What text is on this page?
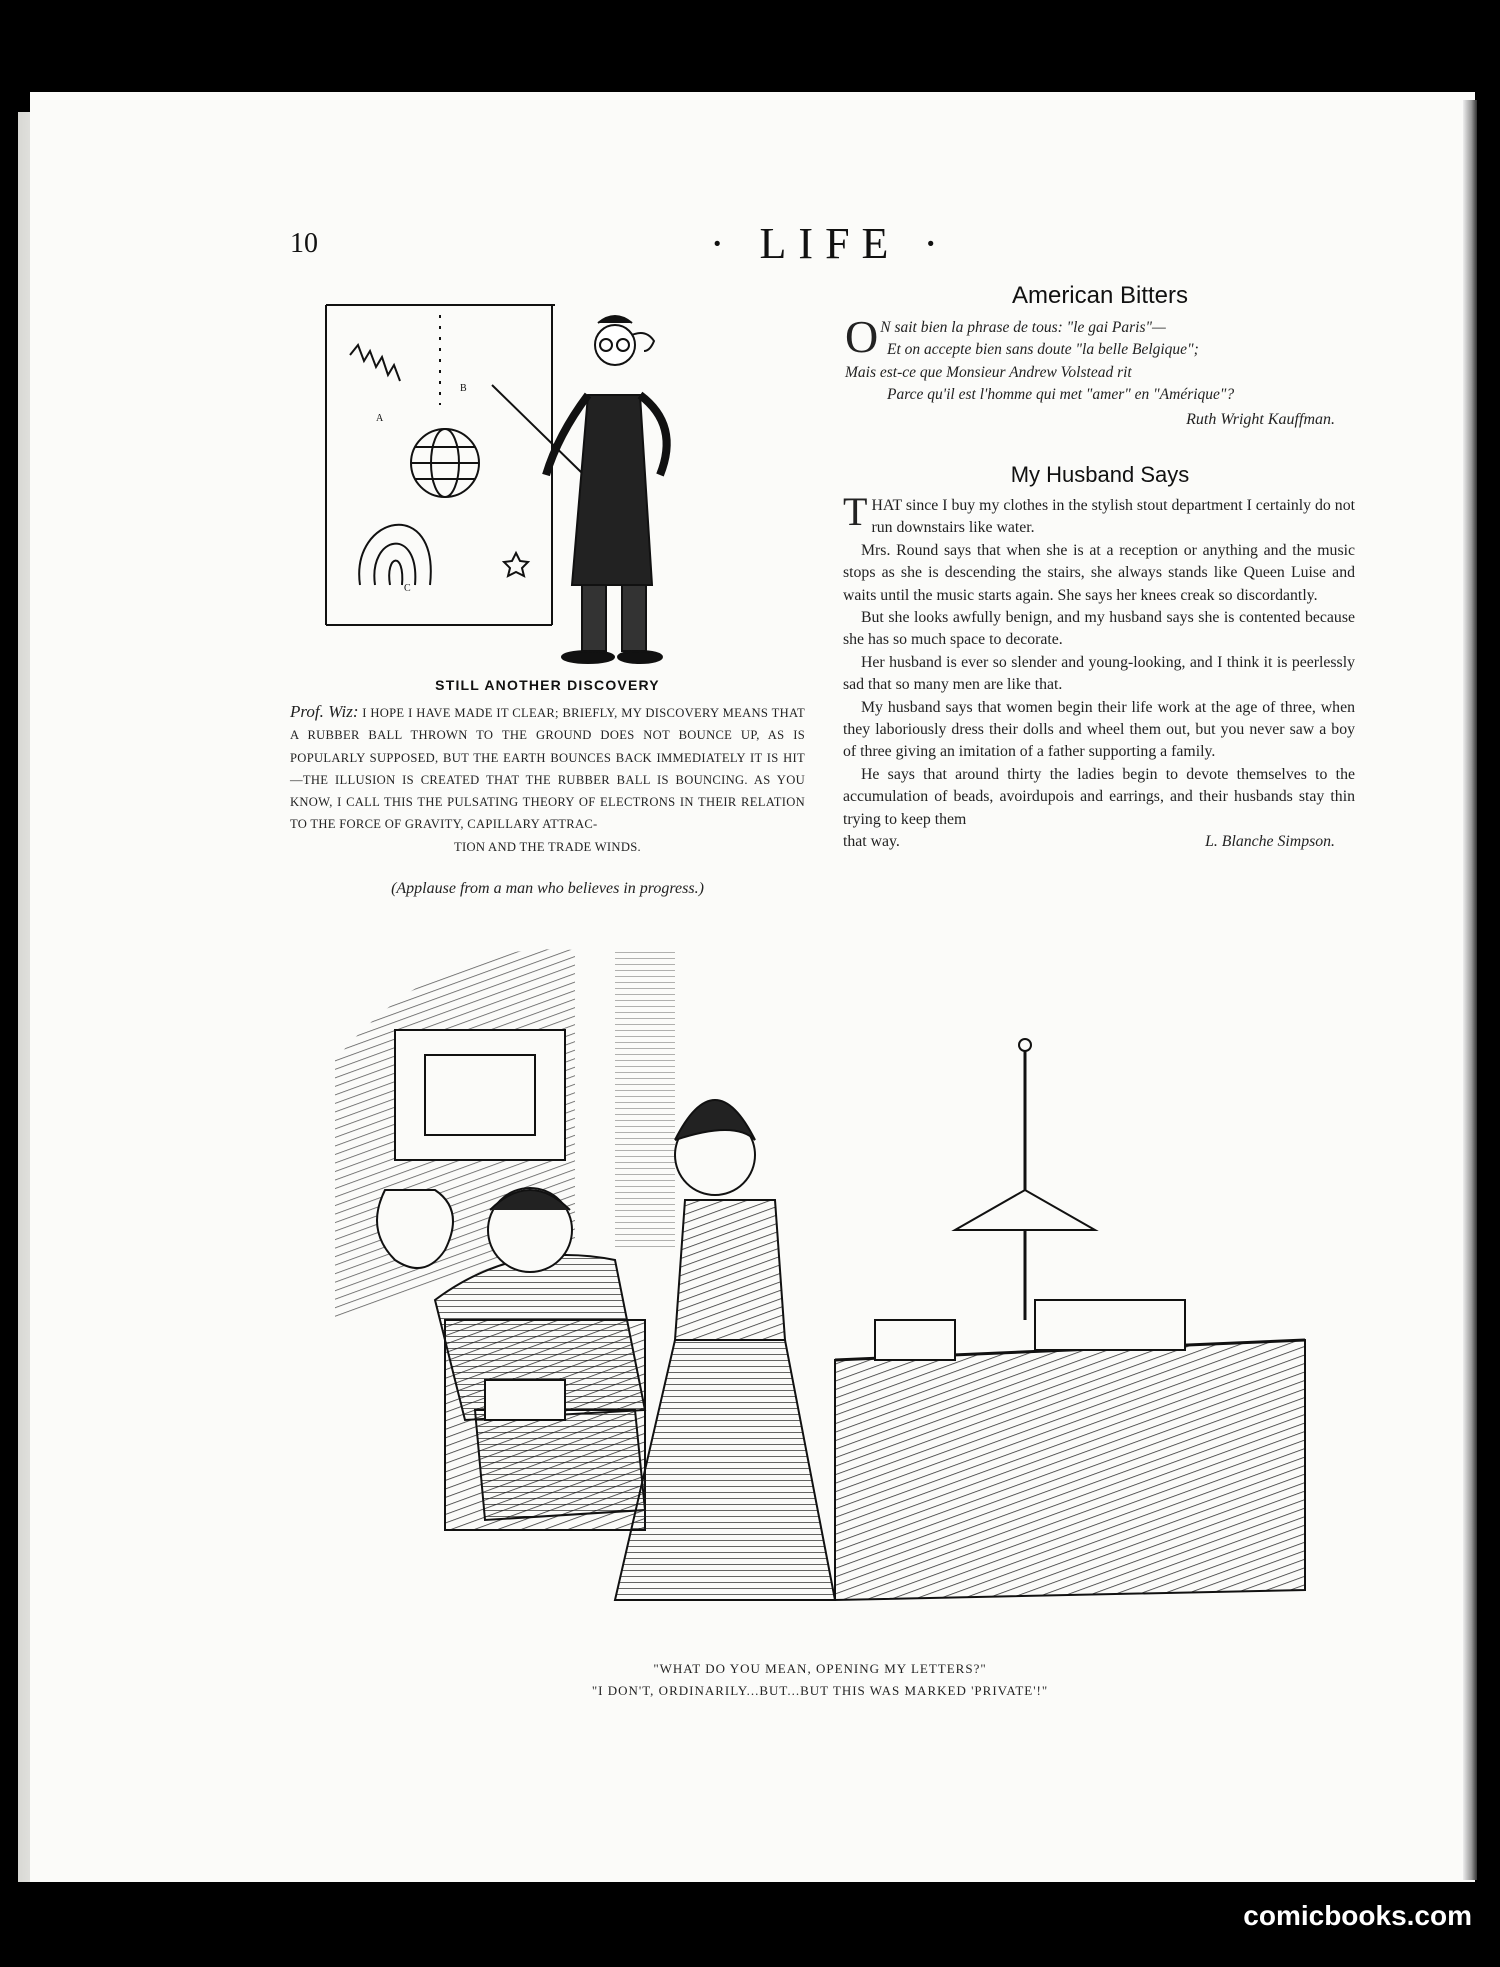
10	· LIFE ·
A
B
C
STILL ANOTHER DISCOVERY
Prof. Wiz: I HOPE I HAVE MADE IT CLEAR; BRIEFLY, MY DISCOVERY MEANS THAT A RUBBER BALL THROWN TO THE GROUND DOES NOT BOUNCE UP, AS IS POPULARLY SUPPOSED, BUT THE EARTH BOUNCES BACK IMMEDIATELY IT IS HIT—THE ILLUSION IS CREATED THAT THE RUBBER BALL IS BOUNCING. AS YOU KNOW, I CALL THIS THE PULSATING THEORY OF ELECTRONS IN THEIR RELATION TO THE FORCE OF GRAVITY, CAPILLARY ATTRAC-
TION AND THE TRADE WINDS.
(Applause from a man who believes in progress.)
American Bitters
O N sait bien la phrase de tous: "le gai Paris"—
Et on accepte bien sans doute "la belle Belgique";
Mais est-ce que Monsieur Andrew Volstead rit
Parce qu'il est l'homme qui met "amer" en "Amérique"?
Ruth Wright Kauffman.
My Husband Says

THAT since I buy my clothes in the stylish stout department I certainly do not run downstairs like water.

Mrs. Round says that when she is at a reception or anything and the music stops as she is descending the stairs, she always stands like Queen Luise and waits until the music starts again. She says her knees creak so discordantly.

But she looks awfully benign, and my husband says she is contented because she has so much space to decorate.

Her husband is ever so slender and young-looking, and I think it is peerlessly sad that so many men are like that.

My husband says that women begin their life work at the age of three, when they laboriously dress their dolls and wheel them out, but you never saw a boy of three giving an imitation of a father supporting a family.

He says that around thirty the ladies begin to devote themselves to the accumulation of beads, avoirdupois and earrings, and their husbands stay thin trying to keep them

that way.	L. Blanche Simpson.

"WHAT DO YOU MEAN, OPENING MY LETTERS?"
"I DON'T, ORDINARILY...BUT...BUT THIS WAS MARKED 'PRIVATE'!"
comicbooks.com
